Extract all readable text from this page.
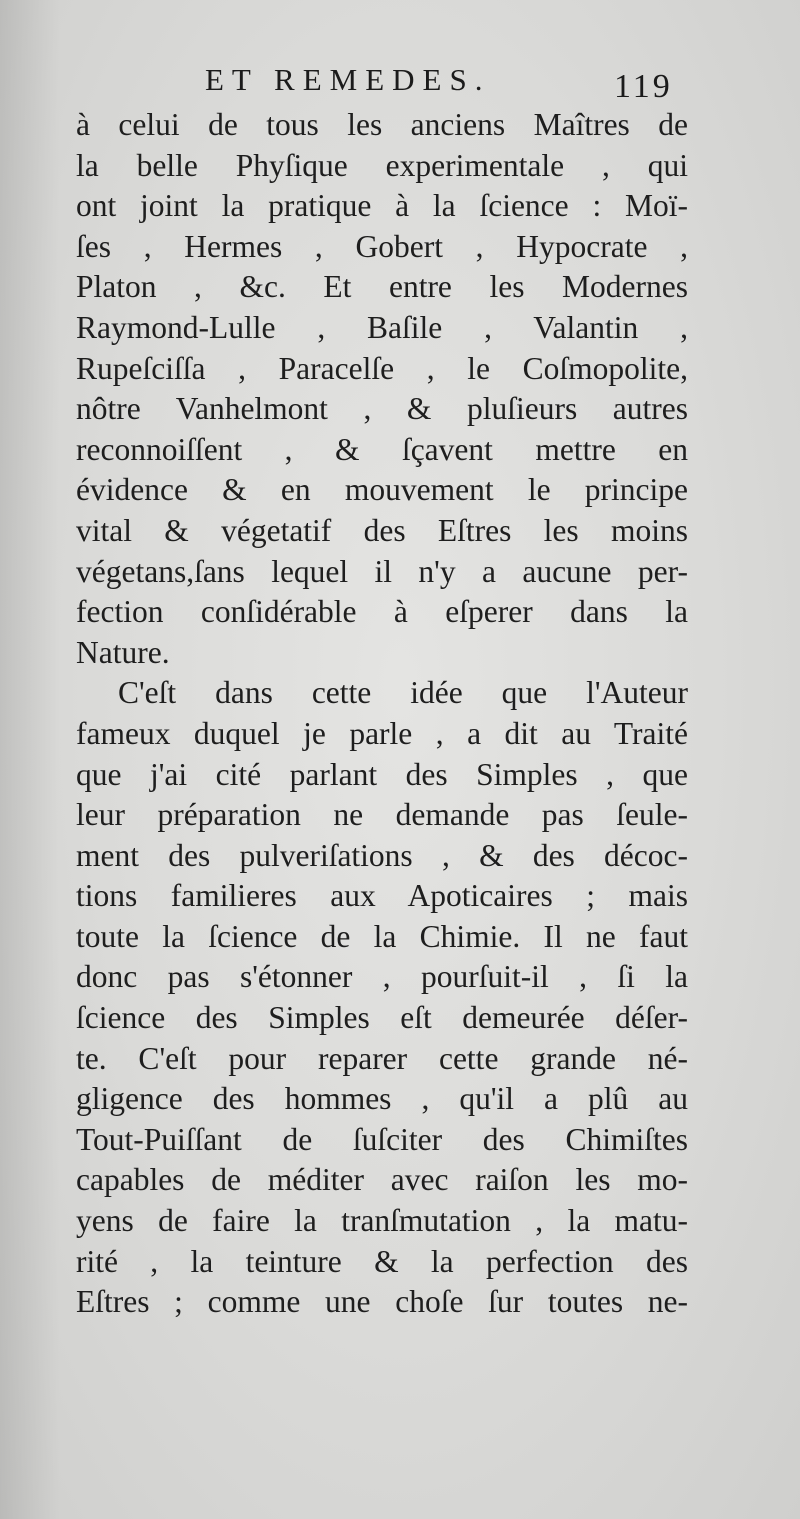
ET REMEDES.	119
à celui de tous les anciens Maîtres de
la belle Phyſique experimentale , qui
ont joint la pratique à la ſcience : Moï-
ſes , Hermes , Gobert , Hypocrate ,
Platon , &c. Et entre les Modernes
Raymond-Lulle , Baſile , Valantin ,
Rupeſciſſa , Paracelſe , le Coſmopolite,
nôtre Vanhelmont , & pluſieurs autres
reconnoiſſent , & ſçavent mettre en
évidence & en mouvement le principe
vital & végetatif des Eſtres les moins
végetans,ſans lequel il n'y a aucune per-
fection conſidérable à eſperer dans la
Nature.
C'eſt dans cette idée que l'Auteur
fameux duquel je parle , a dit au Traité
que j'ai cité parlant des Simples , que
leur préparation ne demande pas ſeule-
ment des pulveriſations , & des décoc-
tions familieres aux Apoticaires ; mais
toute la ſcience de la Chimie. Il ne faut
donc pas s'étonner , pourſuit-il , ſi la
ſcience des Simples eſt demeurée déſer-
te. C'eſt pour reparer cette grande né-
gligence des hommes , qu'il a plû au
Tout-Puiſſant de ſuſciter des Chimiſtes
capables de méditer avec raiſon les mo-
yens de faire la tranſmutation , la matu-
rité , la teinture & la perfection des
Eſtres ; comme une choſe ſur toutes ne-
